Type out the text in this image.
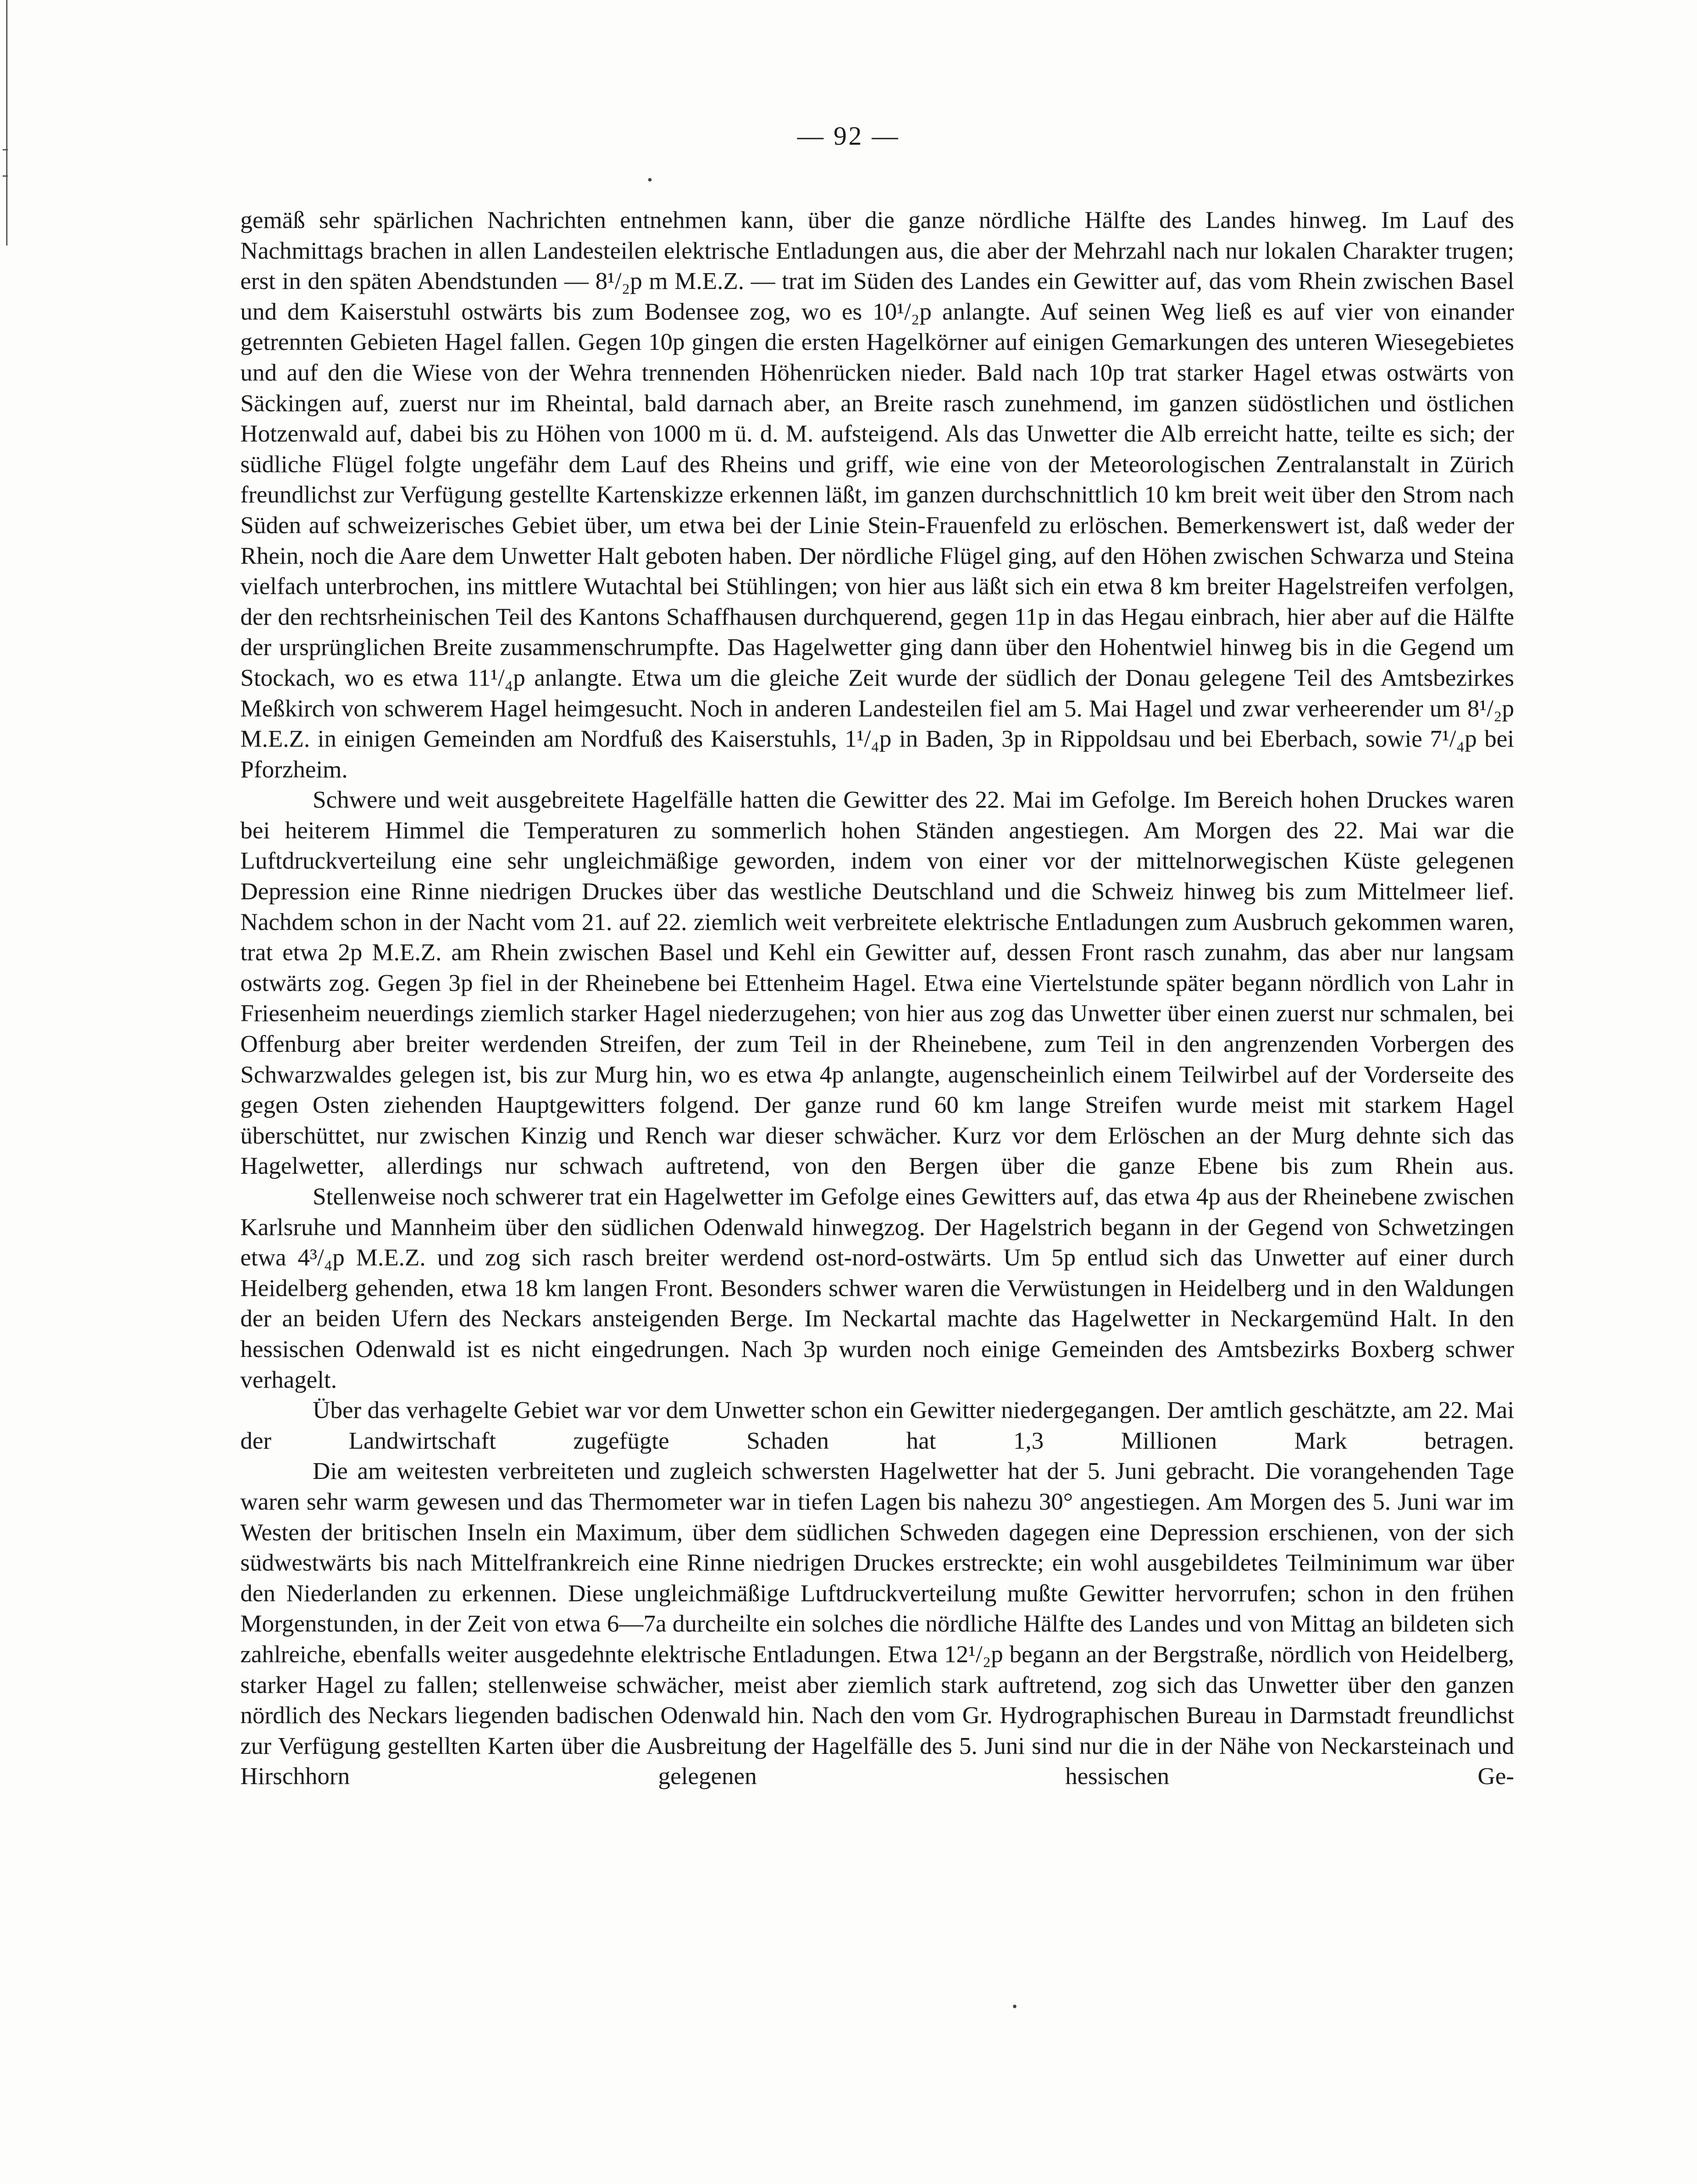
— 92 —

gemäß sehr spärlichen Nachrichten entnehmen kann, über die ganze nördliche Hälfte des Landes hinweg. Im Lauf des Nachmittags brachen in allen Landesteilen elektrische Entladungen aus, die aber der Mehrzahl nach nur lokalen Charakter trugen; erst in den späten Abendstunden — 8¹/₂p m M.E.Z. — trat im Süden des Landes ein Gewitter auf, das vom Rhein zwischen Basel und dem Kaiserstuhl ostwärts bis zum Bodensee zog, wo es 10¹/₂p anlangte. Auf seinen Weg ließ es auf vier von einander getrennten Gebieten Hagel fallen. Gegen 10p gingen die ersten Hagelkörner auf einigen Gemarkungen des unteren Wiesegebietes und auf den die Wiese von der Wehra trennenden Höhenrücken nieder. Bald nach 10p trat starker Hagel etwas ostwärts von Säckingen auf, zuerst nur im Rheintal, bald darnach aber, an Breite rasch zunehmend, im ganzen südöstlichen und östlichen Hotzenwald auf, dabei bis zu Höhen von 1000 m ü. d. M. aufsteigend. Als das Unwetter die Alb erreicht hatte, teilte es sich; der südliche Flügel folgte ungefähr dem Lauf des Rheins und griff, wie eine von der Meteorologischen Zentralanstalt in Zürich freundlichst zur Verfügung gestellte Kartenskizze erkennen läßt, im ganzen durchschnittlich 10 km breit weit über den Strom nach Süden auf schweizerisches Gebiet über, um etwa bei der Linie Stein-Frauenfeld zu erlöschen. Bemerkenswert ist, daß weder der Rhein, noch die Aare dem Unwetter Halt geboten haben. Der nördliche Flügel ging, auf den Höhen zwischen Schwarza und Steina vielfach unterbrochen, ins mittlere Wutachtal bei Stühlingen; von hier aus läßt sich ein etwa 8 km breiter Hagelstreifen verfolgen, der den rechtsrheinischen Teil des Kantons Schaffhausen durchquerend, gegen 11p in das Hegau einbrach, hier aber auf die Hälfte der ursprünglichen Breite zusammenschrumpfte. Das Hagelwetter ging dann über den Hohentwiel hinweg bis in die Gegend um Stockach, wo es etwa 11¹/₄p anlangte. Etwa um die gleiche Zeit wurde der südlich der Donau gelegene Teil des Amtsbezirkes Meßkirch von schwerem Hagel heimgesucht. Noch in anderen Landesteilen fiel am 5. Mai Hagel und zwar verheerender um 8¹/₂p M.E.Z. in einigen Gemeinden am Nordfuß des Kaiserstuhls, 1¹/₄p in Baden, 3p in Rippoldsau und bei Eberbach, sowie 7¹/₄p bei Pforzheim.

Schwere und weit ausgebreitete Hagelfälle hatten die Gewitter des 22. Mai im Gefolge. Im Bereich hohen Druckes waren bei heiterem Himmel die Temperaturen zu sommerlich hohen Ständen angestiegen. Am Morgen des 22. Mai war die Luftdruckverteilung eine sehr ungleichmäßige geworden, indem von einer vor der mittelnorwegischen Küste gelegenen Depression eine Rinne niedrigen Druckes über das westliche Deutschland und die Schweiz hinweg bis zum Mittelmeer lief. Nachdem schon in der Nacht vom 21. auf 22. ziemlich weit verbreitete elektrische Entladungen zum Ausbruch gekommen waren, trat etwa 2p M.E.Z. am Rhein zwischen Basel und Kehl ein Gewitter auf, dessen Front rasch zunahm, das aber nur langsam ostwärts zog. Gegen 3p fiel in der Rheinebene bei Ettenheim Hagel. Etwa eine Viertelstunde später begann nördlich von Lahr in Friesenheim neuerdings ziemlich starker Hagel niederzugehen; von hier aus zog das Unwetter über einen zuerst nur schmalen, bei Offenburg aber breiter werdenden Streifen, der zum Teil in der Rheinebene, zum Teil in den angrenzenden Vorbergen des Schwarzwaldes gelegen ist, bis zur Murg hin, wo es etwa 4p anlangte, augenscheinlich einem Teilwirbel auf der Vorderseite des gegen Osten ziehenden Hauptgewitters folgend. Der ganze rund 60 km lange Streifen wurde meist mit starkem Hagel überschüttet, nur zwischen Kinzig und Rench war dieser schwächer. Kurz vor dem Erlöschen an der Murg dehnte sich das Hagelwetter, allerdings nur schwach auftretend, von den Bergen über die ganze Ebene bis zum Rhein aus.

Stellenweise noch schwerer trat ein Hagelwetter im Gefolge eines Gewitters auf, das etwa 4p aus der Rheinebene zwischen Karlsruhe und Mannheim über den südlichen Odenwald hinwegzog. Der Hagelstrich begann in der Gegend von Schwetzingen etwa 4³/₄p M.E.Z. und zog sich rasch breiter werdend ost-nord-ostwärts. Um 5p entlud sich das Unwetter auf einer durch Heidelberg gehenden, etwa 18 km langen Front. Besonders schwer waren die Verwüstungen in Heidelberg und in den Waldungen der an beiden Ufern des Neckars ansteigenden Berge. Im Neckartal machte das Hagelwetter in Neckargemünd Halt. In den hessischen Odenwald ist es nicht eingedrungen. Nach 3p wurden noch einige Gemeinden des Amtsbezirks Boxberg schwer verhagelt.

Über das verhagelte Gebiet war vor dem Unwetter schon ein Gewitter niedergegangen. Der amtlich geschätzte, am 22. Mai der Landwirtschaft zugefügte Schaden hat 1,3 Millionen Mark betragen.

Die am weitesten verbreiteten und zugleich schwersten Hagelwetter hat der 5. Juni gebracht. Die vorangehenden Tage waren sehr warm gewesen und das Thermometer war in tiefen Lagen bis nahezu 30° angestiegen. Am Morgen des 5. Juni war im Westen der britischen Inseln ein Maximum, über dem südlichen Schweden dagegen eine Depression erschienen, von der sich südwestwärts bis nach Mittelfrankreich eine Rinne niedrigen Druckes erstreckte; ein wohl ausgebildetes Teilminimum war über den Niederlanden zu erkennen. Diese ungleichmäßige Luftdruckverteilung mußte Gewitter hervorrufen; schon in den frühen Morgenstunden, in der Zeit von etwa 6—7a durcheilte ein solches die nördliche Hälfte des Landes und von Mittag an bildeten sich zahlreiche, ebenfalls weiter ausgedehnte elektrische Entladungen. Etwa 12¹/₂p begann an der Bergstraße, nördlich von Heidelberg, starker Hagel zu fallen; stellenweise schwächer, meist aber ziemlich stark auftretend, zog sich das Unwetter über den ganzen nördlich des Neckars liegenden badischen Odenwald hin. Nach den vom Gr. Hydrographischen Bureau in Darmstadt freundlichst zur Verfügung gestellten Karten über die Ausbreitung der Hagelfälle des 5. Juni sind nur die in der Nähe von Neckarsteinach und Hirschhorn gelegenen hessischen Ge-
